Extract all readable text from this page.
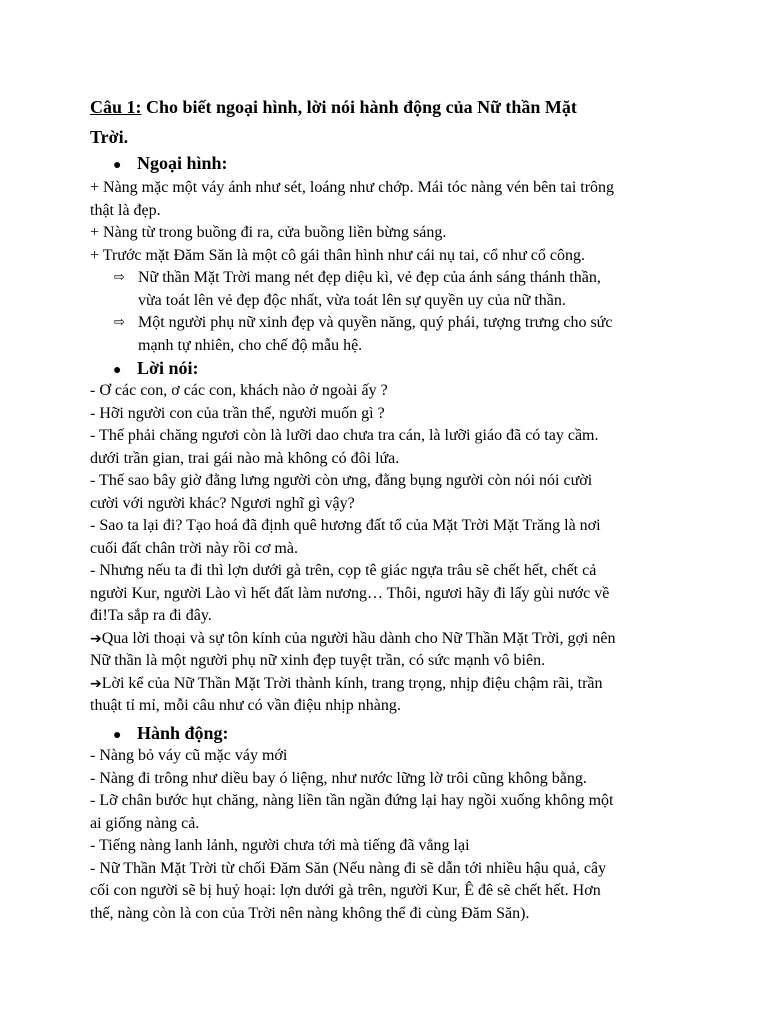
Câu 1: Cho biết ngoại hình, lời nói hành động của Nữ thần Mặt
Trời.
● Ngoại hình:
+ Nàng mặc một váy ánh như sét, loáng như chớp. Mái tóc nàng vén bên tai trông
thật là đẹp.
+ Nàng từ trong buồng đi ra, cửa buồng liền bừng sáng.
+ Trước mặt Đăm Săn là một cô gái thân hình như cái nụ tai, cổ như cổ công.
⇨ Nữ thần Mặt Trời mang nét đẹp diệu kì, vẻ đẹp của ánh sáng thánh thần,
vừa toát lên vẻ đẹp độc nhất, vừa toát lên sự quyền uy của nữ thần.
⇨ Một người phụ nữ xinh đẹp và quyền năng, quý phái, tượng trưng cho sức
mạnh tự nhiên, cho chế độ mẫu hệ.
● Lời nói:
- Ơ các con, ơ các con, khách nào ở ngoài ấy ?
- Hỡi người con của trần thế, người muốn gì ?
- Thế phải chăng ngươi còn là lưỡi dao chưa tra cán, là lưỡi giáo đã có tay cầm.
dưới trần gian, trai gái nào mà không có đôi lứa.
- Thế sao bây giờ đằng lưng người còn ưng, đằng bụng người còn nói nói cười
cười với người khác? Ngươi nghĩ gì vậy?
- Sao ta lại đi? Tạo hoá đã định quê hương đất tổ của Mặt Trời Mặt Trăng là nơi
cuối đất chân trời này rồi cơ mà.
- Nhưng nếu ta đi thì lợn dưới gà trên, cọp tê giác ngựa trâu sẽ chết hết, chết cả
người Kur, người Lào vì hết đất làm nương… Thôi, ngươi hãy đi lấy gùi nước về
đi!Ta sắp ra đi đây.
➔Qua lời thoại và sự tôn kính của người hầu dành cho Nữ Thần Mặt Trời, gợi nên
Nữ thần là một người phụ nữ xinh đẹp tuyệt trần, có sức mạnh vô biên.
➔Lời kể của Nữ Thần Mặt Trời thành kính, trang trọng, nhịp điệu chậm rãi, trần
thuật tỉ mỉ, mỗi câu như có vần điệu nhịp nhàng.
● Hành động:
- Nàng bỏ váy cũ mặc váy mới
- Nàng đi trông như diều bay ó liệng, như nước lững lờ trôi cũng không bằng.
- Lỡ chân bước hụt chăng, nàng liền tần ngần đứng lại hay ngồi xuống không một
ai giống nàng cả.
- Tiếng nàng lanh lảnh, người chưa tới mà tiếng đã vẳng lại
- Nữ Thần Mặt Trời từ chối Đăm Săn (Nếu nàng đi sẽ dẫn tới nhiều hậu quả, cây
cối con người sẽ bị huỷ hoại: lợn dưới gà trên, người Kur, Ê đê sẽ chết hết. Hơn
thế, nàng còn là con của Trời nên nàng không thể đi cùng Đăm Săn).
